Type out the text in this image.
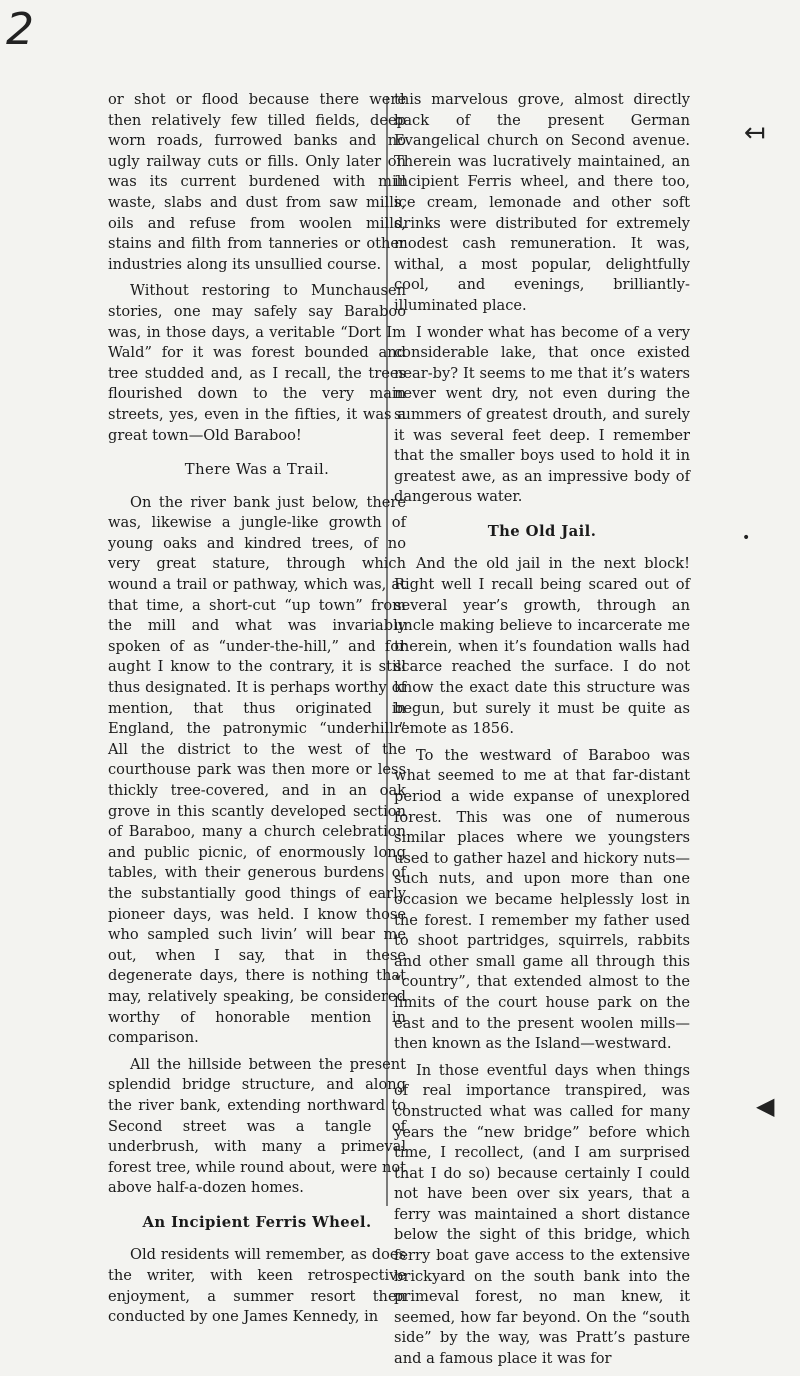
2
↤
•
◀

or shot or flood because there were then relatively few tilled fields, deep worn roads, furrowed banks and no ugly railway cuts or fills. Only later on was its current burdened with mill waste, slabs and dust from saw mills, oils and refuse from woolen mills, stains and filth from tanneries or other industries along its unsullied course.

Without restoring to Munchausen stories, one may safely say Baraboo was, in those days, a veritable “Dort Im Wald” for it was forest bounded and tree studded and, as I recall, the trees flourished down to the very main streets, yes, even in the fifties, it was a great town—Old Baraboo!

There Was a Trail.

On the river bank just below, there was, likewise a jungle-like growth of young oaks and kindred trees, of no very great stature, through which wound a trail or pathway, which was, at that time, a short-cut “up town” from the mill and what was invariably spoken of as “under-the-hill,” and for aught I know to the contrary, it is still thus designated. It is perhaps worthy of mention, that thus originated in England, the patronymic “underhill.” All the district to the west of the courthouse park was then more or less thickly tree-covered, and in an oak grove in this scantly developed section of Baraboo, many a church celebration and public picnic, of enormously long tables, with their generous burdens of the substantially good things of early pioneer days, was held. I know those who sampled such livin’ will bear me out, when I say, that in these degenerate days, there is nothing that may, relatively speaking, be considered worthy of honorable mention in comparison.

All the hillside between the present splendid bridge structure, and along the river bank, extending northward to Second street was a tangle of underbrush, with many a primeval forest tree, while round about, were not above half-a-dozen homes.

An Incipient Ferris Wheel.

Old residents will remember, as does the writer, with keen retrospective enjoyment, a summer resort then conducted by one James Kennedy, in

this marvelous grove, almost directly back of the present German Evangelical church on Second avenue. Therein was lucratively maintained, an incipient Ferris wheel, and there too, ice cream, lemonade and other soft drinks were distributed for extremely modest cash remuneration. It was, withal, a most popular, delightfully cool, and evenings, brilliantly-illuminated place.

I wonder what has become of a very considerable lake, that once existed near-by? It seems to me that it’s waters never went dry, not even during the summers of greatest drouth, and surely it was several feet deep. I remember that the smaller boys used to hold it in greatest awe, as an impressive body of dangerous water.

The Old Jail.

And the old jail in the next block! Right well I recall being scared out of several year’s growth, through an uncle making believe to incarcerate me therein, when it’s foundation walls had scarce reached the surface. I do not know the exact date this structure was begun, but surely it must be quite as remote as 1856.

To the westward of Baraboo was what seemed to me at that far-distant period a wide expanse of unexplored forest. This was one of numerous similar places where we youngsters used to gather hazel and hickory nuts—such nuts, and upon more than one occasion we became helplessly lost in the forest. I remember my father used to shoot partridges, squirrels, rabbits and other small game all through this “country”, that extended almost to the limits of the court house park on the east and to the present woolen mills—then known as the Island—westward.

In those eventful days when things of real importance transpired, was constructed what was called for many years the “new bridge” before which time, I recollect, (and I am surprised that I do so) because certainly I could not have been over six years, that a ferry was maintained a short distance below the sight of this bridge, which ferry boat gave access to the extensive brickyard on the south bank into the primeval forest, no man knew, it seemed, how far beyond. On the “south side” by the way, was Pratt’s pasture and a famous place it was for
